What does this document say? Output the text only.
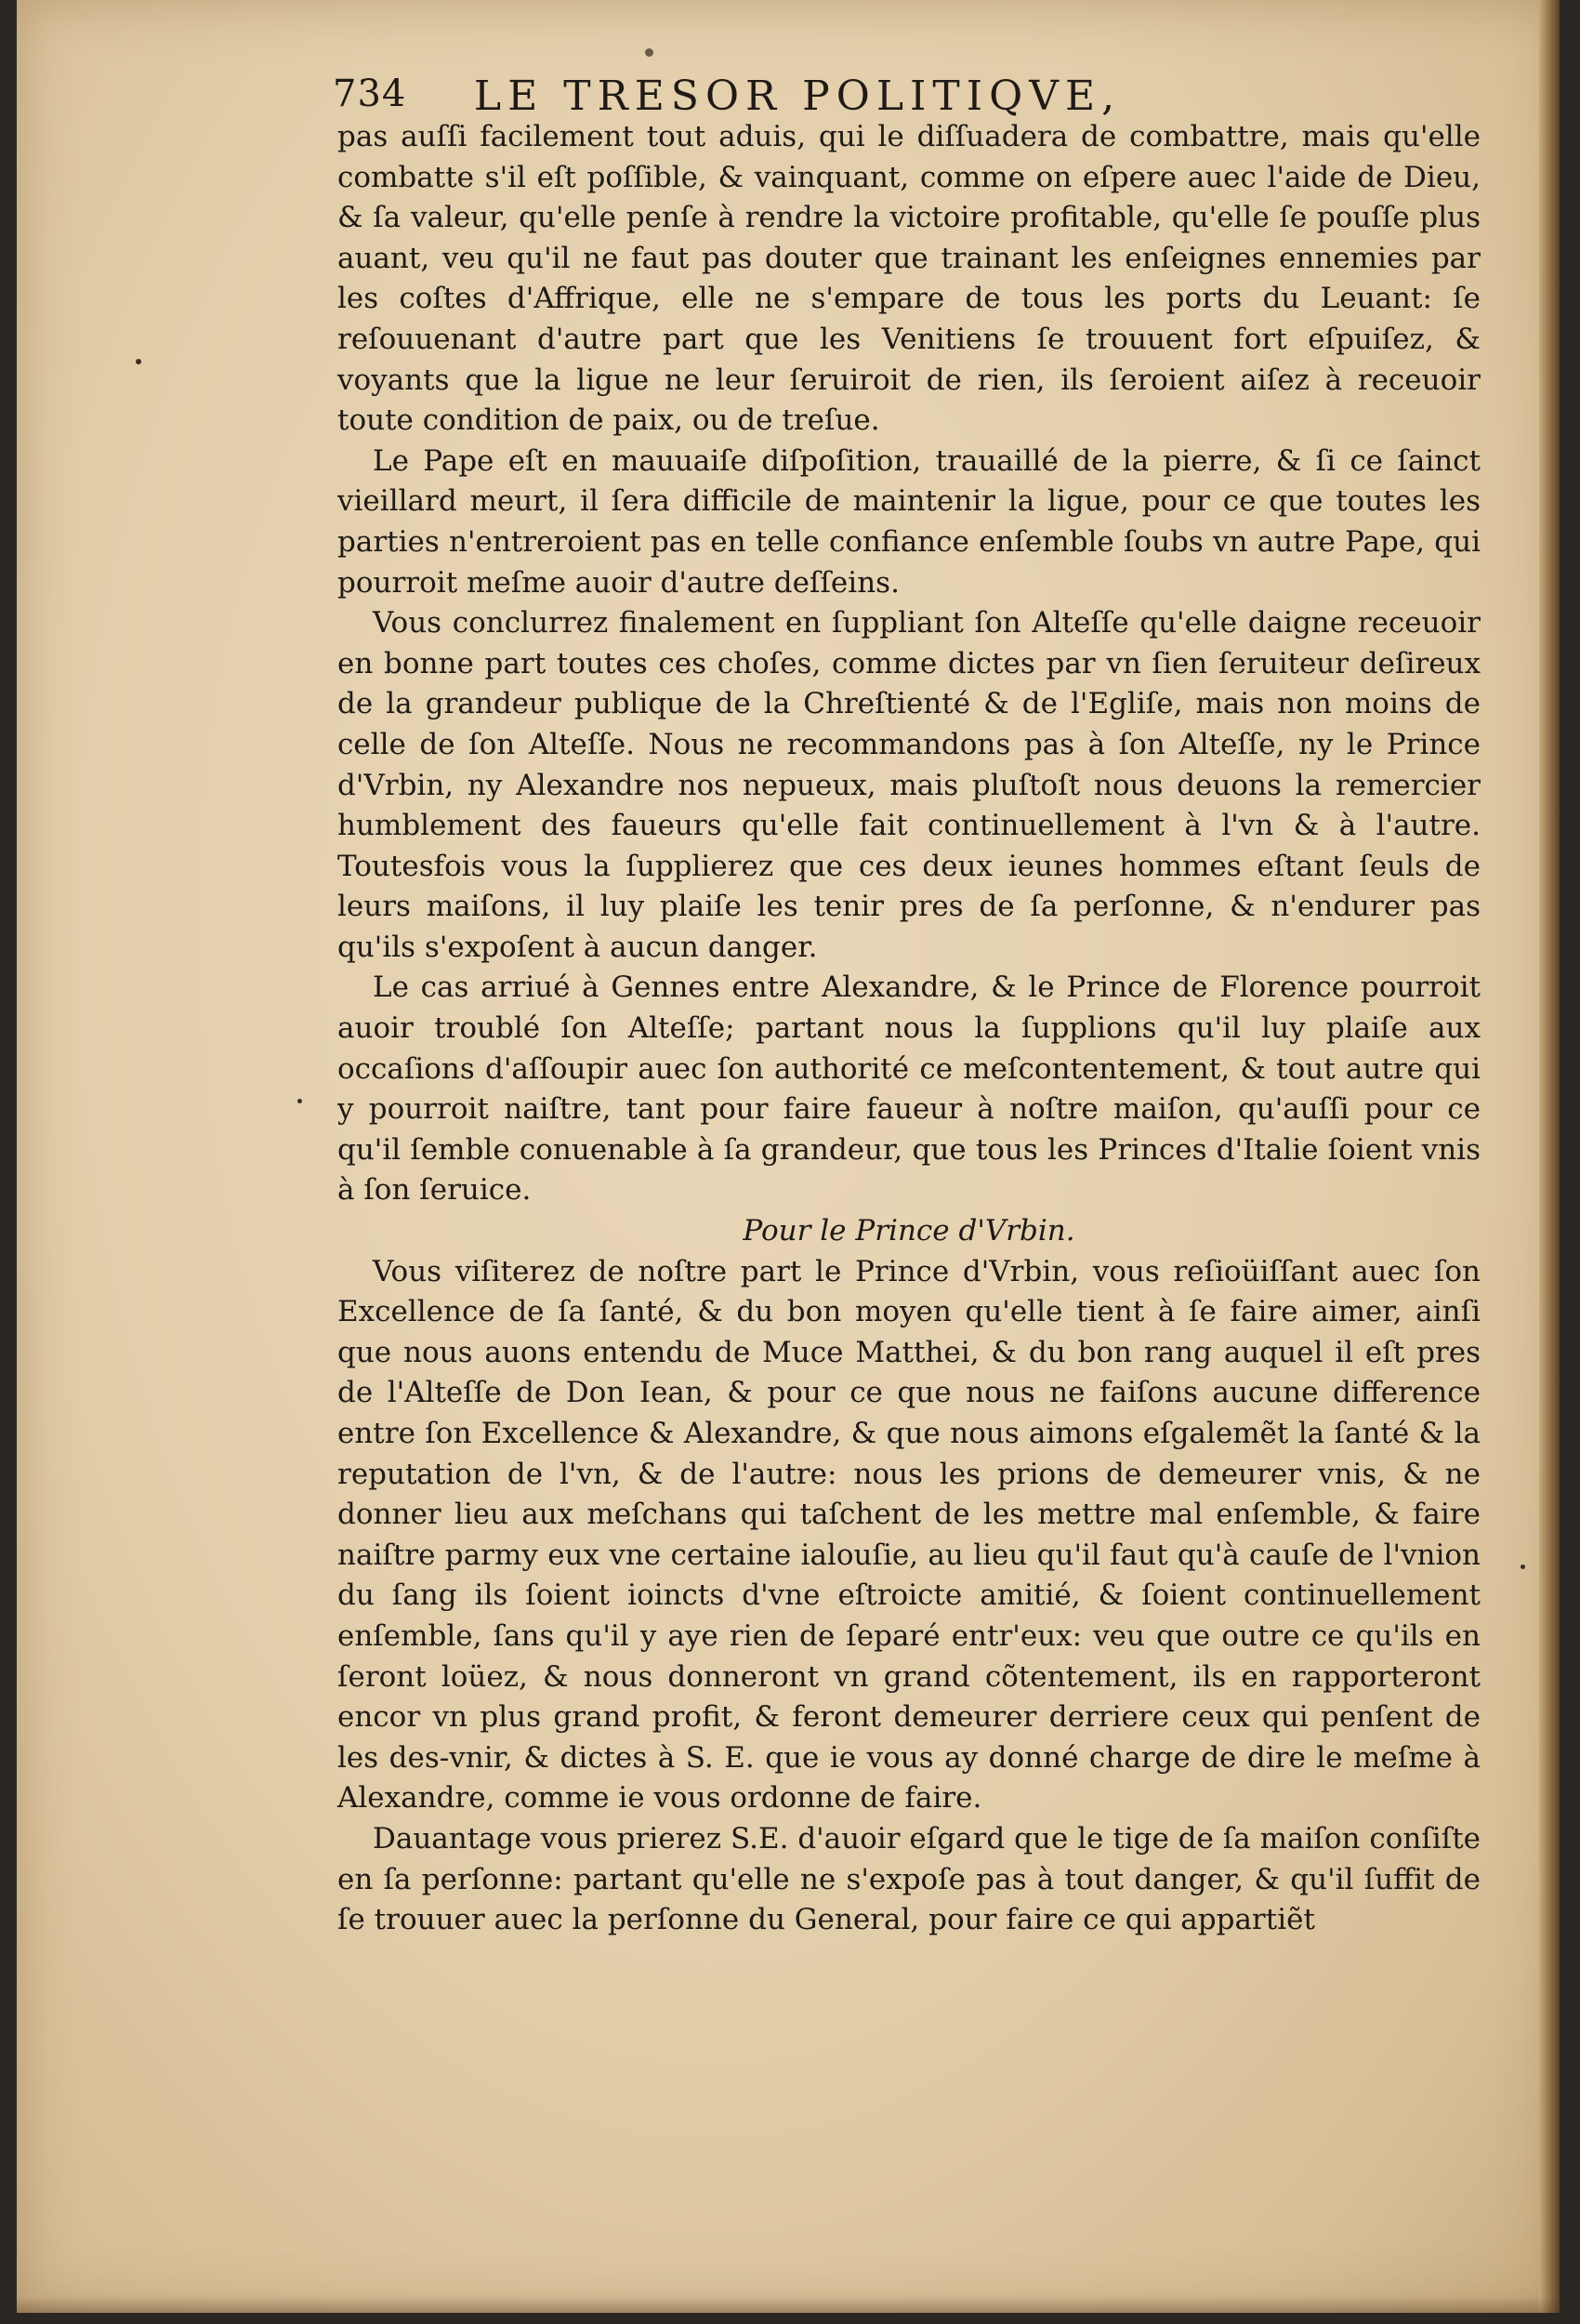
734	LE TRESOR POLITIQVE,

pas auſſi facilement tout aduis, qui le diſſuadera de combattre, mais qu'elle combatte s'il eſt poſſible, & vainquant, comme on eſpere auec l'aide de Dieu, & ſa valeur, qu'elle penſe à rendre la victoire profitable, qu'elle ſe pouſſe plus auant, veu qu'il ne faut pas douter que trainant les enſeignes ennemies par les coſtes d'Affrique, elle ne s'empare de tous les ports du Leuant: ſe reſouuenant d'autre part que les Venitiens ſe trouuent fort eſpuiſez, & voyants que la ligue ne leur ſeruiroit de rien, ils ſeroient aiſez à receuoir toute condition de paix, ou de treſue.

Le Pape eſt en mauuaiſe diſpoſition, trauaillé de la pierre, & ſi ce ſainct vieillard meurt, il ſera difficile de maintenir la ligue, pour ce que toutes les parties n'entreroient pas en telle confiance enſemble ſoubs vn autre Pape, qui pourroit meſme auoir d'autre deſſeins.

Vous conclurrez finalement en ſuppliant ſon Alteſſe qu'elle daigne receuoir en bonne part toutes ces choſes, comme dictes par vn ſien ſeruiteur deſireux de la grandeur publique de la Chreſtienté & de l'Egliſe, mais non moins de celle de ſon Alteſſe. Nous ne recommandons pas à ſon Alteſſe, ny le Prince d'Vrbin, ny Alexandre nos nepueux, mais pluſtoſt nous deuons la remercier humblement des faueurs qu'elle fait continuellement à l'vn & à l'autre. Toutesfois vous la ſupplierez que ces deux ieunes hommes eſtant ſeuls de leurs maiſons, il luy plaiſe les tenir pres de ſa perſonne, & n'endurer pas qu'ils s'expoſent à aucun danger.

Le cas arriué à Gennes entre Alexandre, & le Prince de Florence pourroit auoir troublé ſon Alteſſe; partant nous la ſupplions qu'il luy plaiſe aux occaſions d'aſſoupir auec ſon authorité ce meſcontentement, & tout autre qui y pourroit naiſtre, tant pour faire faueur à noſtre maiſon, qu'auſſi pour ce qu'il ſemble conuenable à ſa grandeur, que tous les Princes d'Italie ſoient vnis à ſon ſeruice.

Pour le Prince d'Vrbin.

Vous viſiterez de noſtre part le Prince d'Vrbin, vous reſioüiſſant auec ſon Excellence de ſa ſanté, & du bon moyen qu'elle tient à ſe faire aimer, ainſi que nous auons entendu de Muce Matthei, & du bon rang auquel il eſt pres de l'Alteſſe de Don Iean, & pour ce que nous ne faiſons aucune difference entre ſon Excellence & Alexandre, & que nous aimons eſgalemẽt la ſanté & la reputation de l'vn, & de l'autre: nous les prions de demeurer vnis, & ne donner lieu aux meſchans qui taſchent de les mettre mal enſemble, & faire naiſtre parmy eux vne certaine ialouſie, au lieu qu'il faut qu'à cauſe de l'vnion du ſang ils ſoient ioincts d'vne eſtroicte amitié, & ſoient continuellement enſemble, ſans qu'il y aye rien de ſeparé entr'eux: veu que outre ce qu'ils en ſeront loüez, & nous donneront vn grand cõtentement, ils en rapporteront encor vn plus grand profit, & feront demeurer derriere ceux qui penſent de les des-vnir, & dictes à S. E. que ie vous ay donné charge de dire le meſme à Alexandre, comme ie vous ordonne de faire.

Dauantage vous prierez S.E. d'auoir eſgard que le tige de ſa maiſon conſiſte en ſa perſonne: partant qu'elle ne s'expoſe pas à tout danger, & qu'il ſuffit de ſe trouuer auec la perſonne du General, pour faire ce qui appartiẽt
